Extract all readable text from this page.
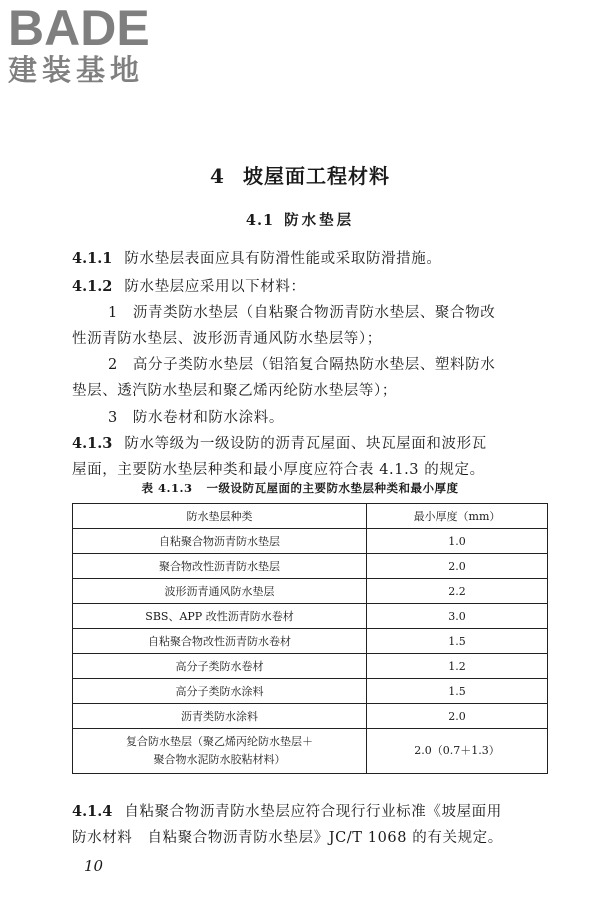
BADE
建装基地
4 坡屋面工程材料
4.1 防水垫层
4.1.1 防水垫层表面应具有防滑性能或采取防滑措施。
4.1.2 防水垫层应采用以下材料：
1　沥青类防水垫层（自粘聚合物沥青防水垫层、聚合物改
性沥青防水垫层、波形沥青通风防水垫层等）；
2　高分子类防水垫层（铝箔复合隔热防水垫层、塑料防水
垫层、透汽防水垫层和聚乙烯丙纶防水垫层等）；
3　防水卷材和防水涂料。
4.1.3 防水等级为一级设防的沥青瓦屋面、块瓦屋面和波形瓦
屋面，主要防水垫层种类和最小厚度应符合表 4.1.3 的规定。
表 4.1.3 一级设防瓦屋面的主要防水垫层种类和最小厚度
防水垫层种类	最小厚度（mm）
自粘聚合物沥青防水垫层	1.0
聚合物改性沥青防水垫层	2.0
波形沥青通风防水垫层	2.2
SBS、APP 改性沥青防水卷材	3.0
自粘聚合物改性沥青防水卷材	1.5
高分子类防水卷材	1.2
高分子类防水涂料	1.5
沥青类防水涂料	2.0

复合防水垫层（聚乙烯丙纶防水垫层＋
聚合物水泥防水胶粘材料）	2.0（0.7＋1.3）
4.1.4 自粘聚合物沥青防水垫层应符合现行行业标准《坡屋面用
防水材料　自粘聚合物沥青防水垫层》JC/T 1068 的有关规定。
10
